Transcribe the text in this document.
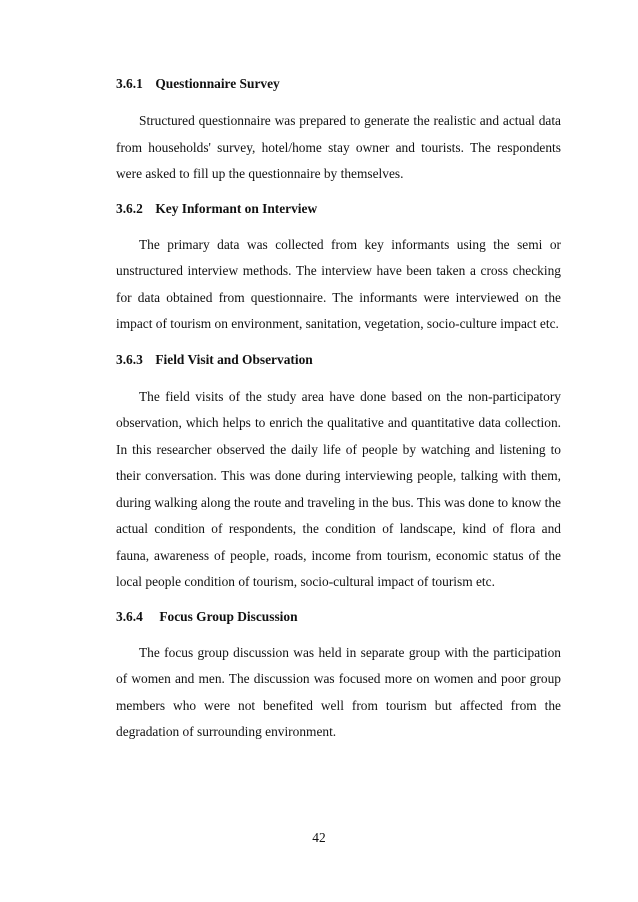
3.6.1 Questionnaire Survey

Structured questionnaire was prepared to generate the realistic and actual data from households' survey, hotel/home stay owner and tourists. The respondents were asked to fill up the questionnaire by themselves.

3.6.2 Key Informant on Interview

The primary data was collected from key informants using the semi or unstructured interview methods. The interview have been taken a cross checking for data obtained from questionnaire. The informants were interviewed on the impact of tourism on environment, sanitation, vegetation, socio-culture impact etc.

3.6.3 Field Visit and Observation

The field visits of the study area have done based on the non-participatory observation, which helps to enrich the qualitative and quantitative data collection. In this researcher observed the daily life of people by watching and listening to their conversation. This was done during interviewing people, talking with them, during walking along the route and traveling in the bus. This was done to know the actual condition of respondents, the condition of landscape, kind of flora and fauna, awareness of people, roads, income from tourism, economic status of the local people condition of tourism, socio-cultural impact of tourism etc.

3.6.4 Focus Group Discussion

The focus group discussion was held in separate group with the participation of women and men. The discussion was focused more on women and poor group members who were not benefited well from tourism but affected from the degradation of surrounding environment.

42
